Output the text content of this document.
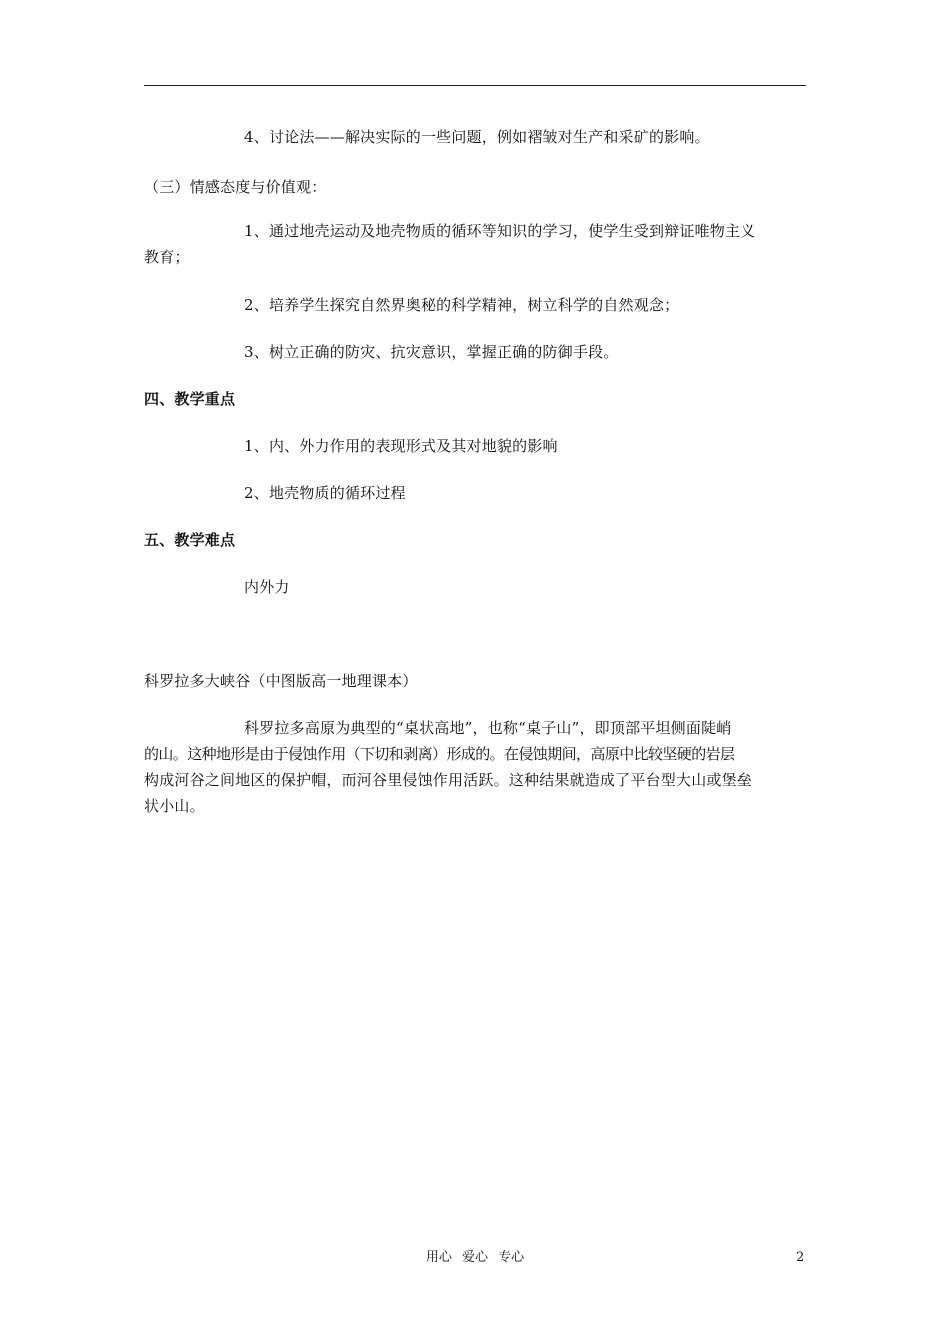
4、讨论法——解决实际的一些问题，例如褶皱对生产和采矿的影响。
（三）情感态度与价值观：
1、通过地壳运动及地壳物质的循环等知识的学习，使学生受到辩证唯物主义
教育；
2、培养学生探究自然界奥秘的科学精神，树立科学的自然观念；
3、树立正确的防灾、抗灾意识，掌握正确的防御手段。
四、教学重点
1、内、外力作用的表现形式及其对地貌的影响
2、地壳物质的循环过程
五、教学难点
内外力
科罗拉多大峡谷（中图版高一地理课本）
科罗拉多高原为典型的“桌状高地”，也称“桌子山”，即顶部平坦侧面陡峭
的山。这种地形是由于侵蚀作用（下切和剥离）形成的。在侵蚀期间，高原中比较坚硬的岩层
构成河谷之间地区的保护帽，而河谷里侵蚀作用活跃。这种结果就造成了平台型大山或堡垒
状小山。
用心 爱心 专心	2
